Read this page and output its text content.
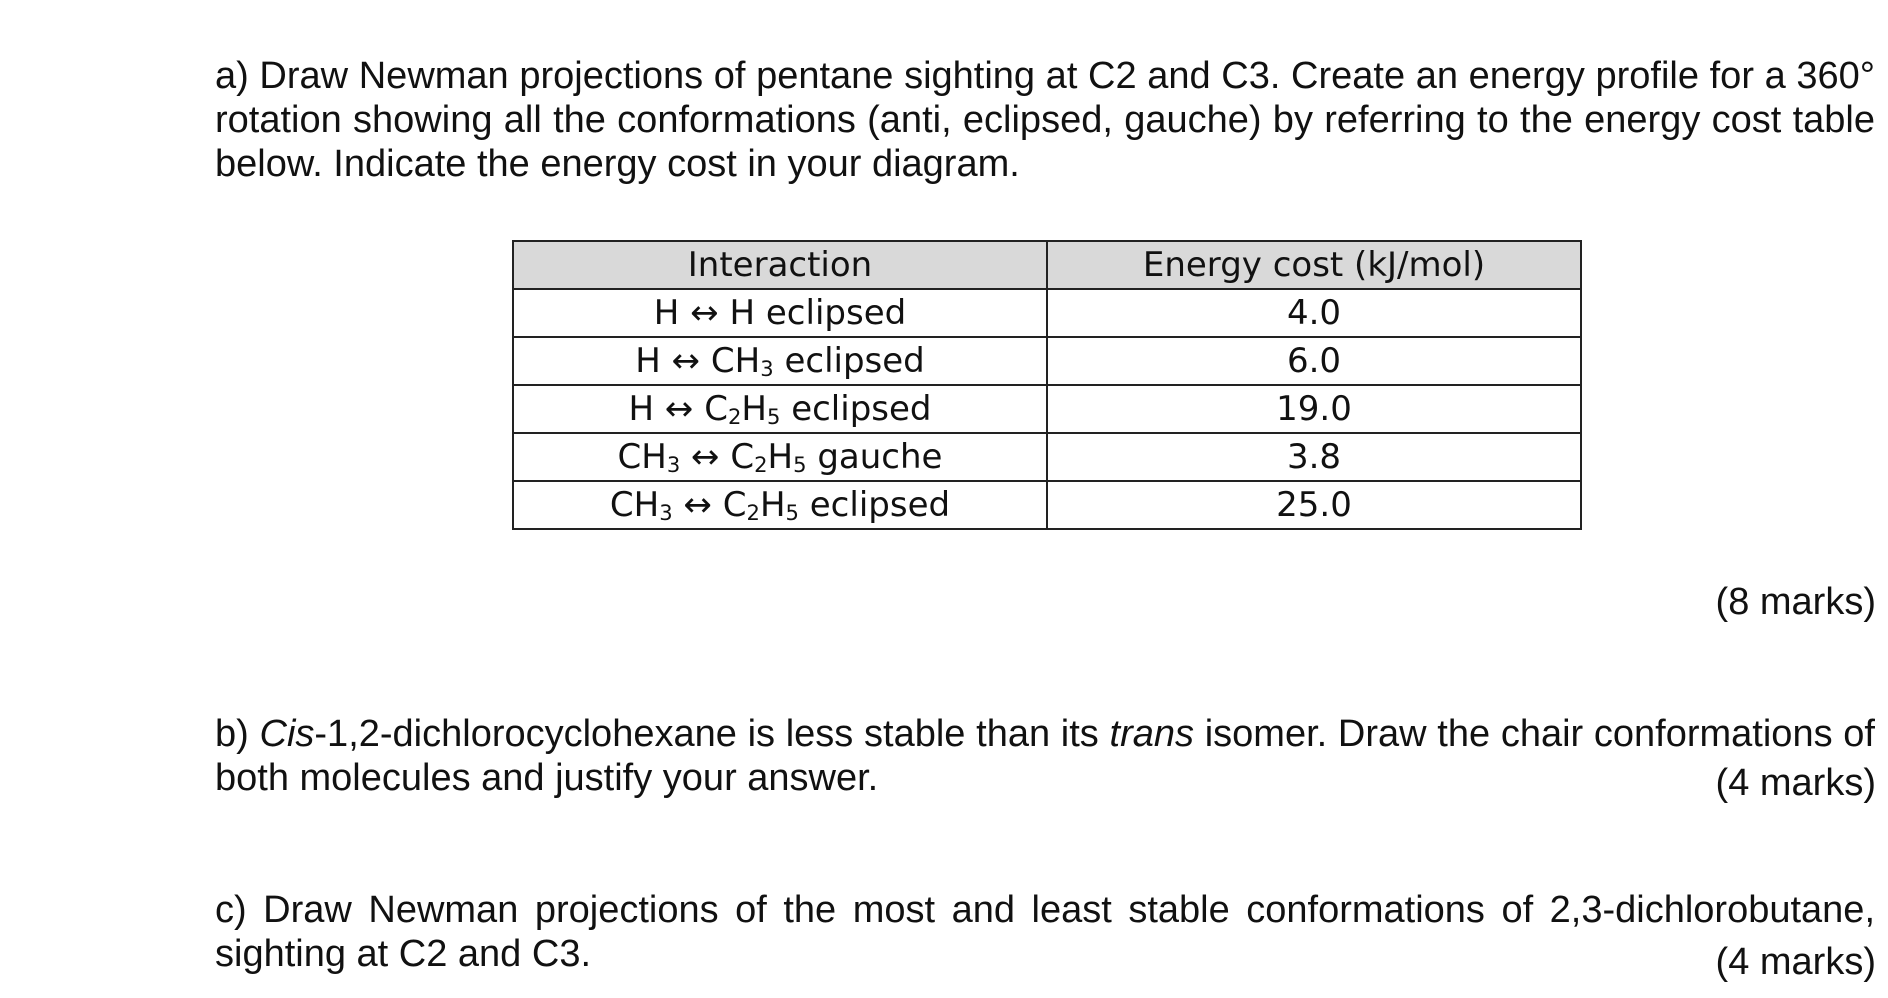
a) Draw Newman projections of pentane sighting at C2 and C3. Create an energy profile for a 360° rotation showing all the conformations (anti, eclipsed, gauche) by referring to the energy cost table below. Indicate the energy cost in your diagram.

Interaction	Energy cost (kJ/mol)
H ↔ H eclipsed	4.0
H ↔ $CH_3$ eclipsed	6.0
H ↔ $C_2H_5$ eclipsed	19.0
$CH_3$ ↔ $C_2H_5$ gauche	3.8
$CH_3$ ↔ $C_2H_5$ eclipsed	25.0
(8 marks)

b) Cis-1,2-dichlorocyclohexane is less stable than its trans isomer. Draw the chair conformations of both molecules and justify your answer.	(4 marks)

c) Draw Newman projections of the most and least stable conformations of 2,3-dichlorobutane, sighting at C2 and C3.	(4 marks)
